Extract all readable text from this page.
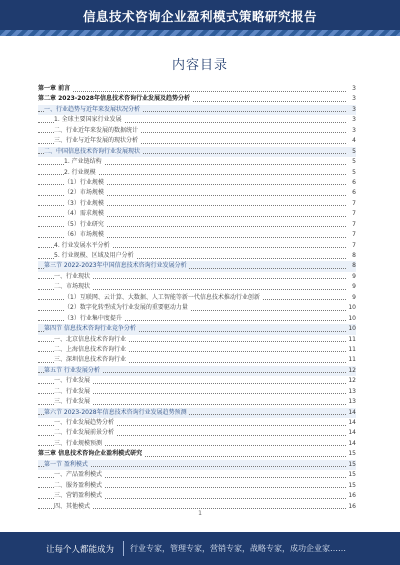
信息技术咨询企业盈利模式策略研究报告
内容目录
第一章 前言	3
第二章 2023-2028年信息技术咨询行业发展及趋势分析	3
一、行业趋势与近年来发展状况分析	3
1. 全球主要国家行业发展	3
二、行业近年来发展的数据统计	3
三、行业与近年发展的现状分析	4
二、中国信息技术咨询行业发展现状	5
1. 产业链结构	5
2. 行业规模	5
（1）行业规模	6
（2）市场规模	6
（3）行业规模	7
（4）需求规模	7
（5）行业研究	7
（6）市场规模	7
4. 行业发展水平分析	7
5. 行业规模、区域及用户分析	8
第三节 2022-2023年中国信息技术咨询行业发展分析	8
一、行业现状	9
二、市场现状	9
（1）互联网、云计算、大数据、人工智能等新一代信息技术推动行业创新	9
（2）数字化转型成为行业发展的重要驱动力量	10
（3）行业集中度提升	10
第四节 信息技术咨询行业竞争分析	10
一、北京信息技术咨询行业	11
二、上海信息技术咨询行业	11
三、深圳信息技术咨询行业	11
第五节 行业发展分析	12
一、行业发展	12
二、行业发展	13
三、行业发展	13
第六节 2023-2028年信息技术咨询行业发展趋势预测	14
一、行业发展趋势分析	14
二、行业发展前景分析	14
三、行业规模预测	14
第三章 信息技术咨询企业盈利模式研究	15
第一节 盈利模式	15
一、产品盈利模式	15
二、服务盈利模式	15
三、营销盈利模式	16
四、其他模式	16
1
让每个人都能成为 行业专家，管理专家，营销专家，战略专家，成功企业家……
